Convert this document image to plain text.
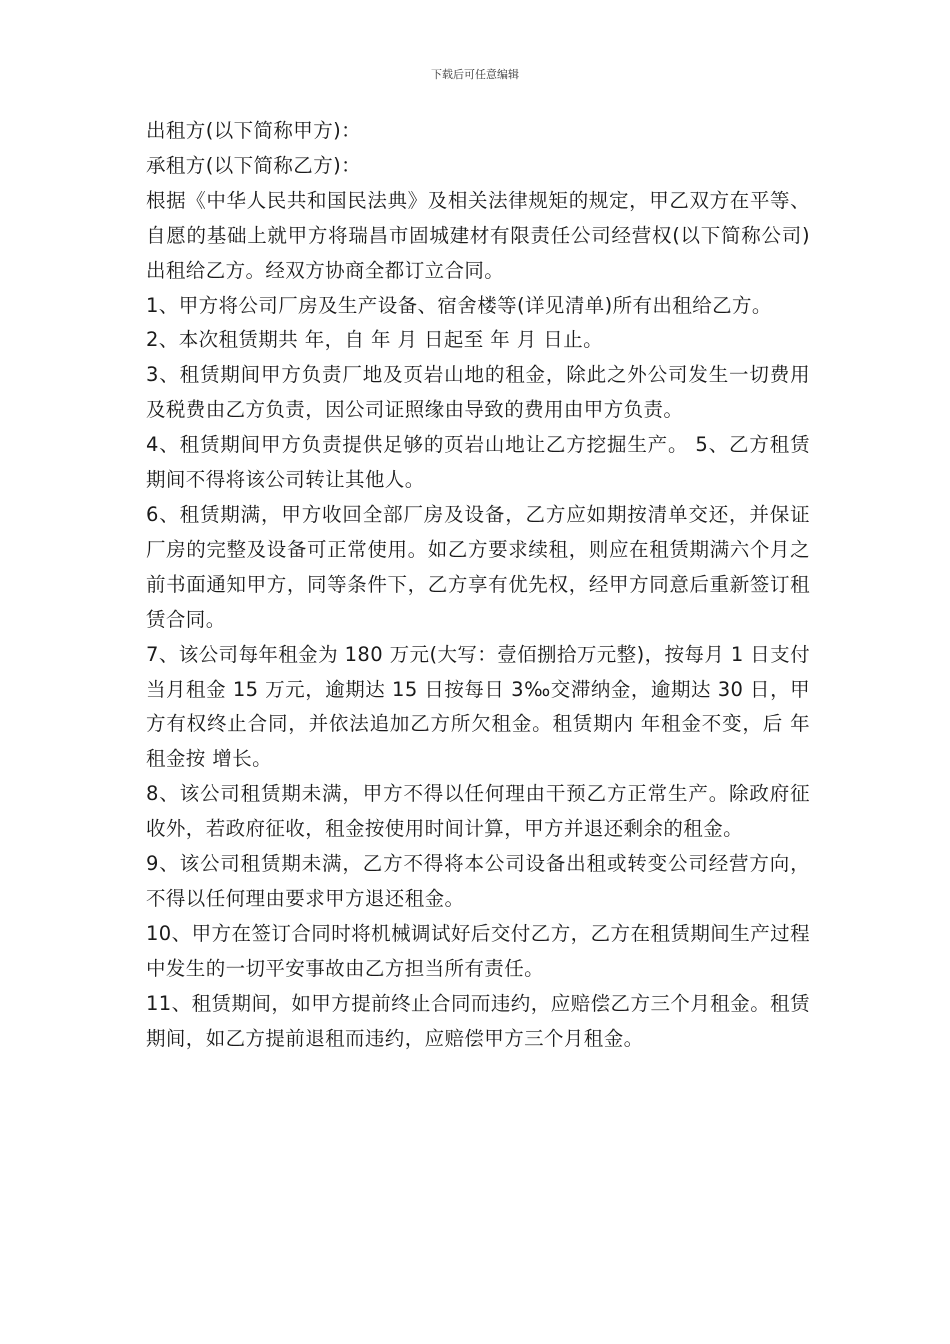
下载后可任意编辑

出租方(以下简称甲方)：

承租方(以下简称乙方)：

根据《中华人民共和国民法典》及相关法律规矩的规定，甲乙双方在平等、自愿的基础上就甲方将瑞昌市固城建材有限责任公司经营权(以下简称公司)出租给乙方。经双方协商全都订立合同。

1、甲方将公司厂房及生产设备、宿舍楼等(详见清单)所有出租给乙方。

2、本次租赁期共 年，自 年 月 日起至 年 月 日止。

3、租赁期间甲方负责厂地及页岩山地的租金，除此之外公司发生一切费用及税费由乙方负责，因公司证照缘由导致的费用由甲方负责。

4、租赁期间甲方负责提供足够的页岩山地让乙方挖掘生产。 5、乙方租赁期间不得将该公司转让其他人。

6、租赁期满，甲方收回全部厂房及设备，乙方应如期按清单交还，并保证厂房的完整及设备可正常使用。如乙方要求续租，则应在租赁期满六个月之前书面通知甲方，同等条件下，乙方享有优先权，经甲方同意后重新签订租赁合同。

7、该公司每年租金为 180 万元(大写：壹佰捌拾万元整)，按每月 1 日支付当月租金 15 万元，逾期达 15 日按每日 3‰交滞纳金，逾期达 30 日，甲方有权终止合同，并依法追加乙方所欠租金。租赁期内 年租金不变，后 年租金按 增长。

8、该公司租赁期未满，甲方不得以任何理由干预乙方正常生产。除政府征收外，若政府征收，租金按使用时间计算，甲方并退还剩余的租金。

9、该公司租赁期未满，乙方不得将本公司设备出租或转变公司经营方向，不得以任何理由要求甲方退还租金。

10、甲方在签订合同时将机械调试好后交付乙方，乙方在租赁期间生产过程中发生的一切平安事故由乙方担当所有责任。

11、租赁期间，如甲方提前终止合同而违约，应赔偿乙方三个月租金。租赁期间，如乙方提前退租而违约，应赔偿甲方三个月租金。
